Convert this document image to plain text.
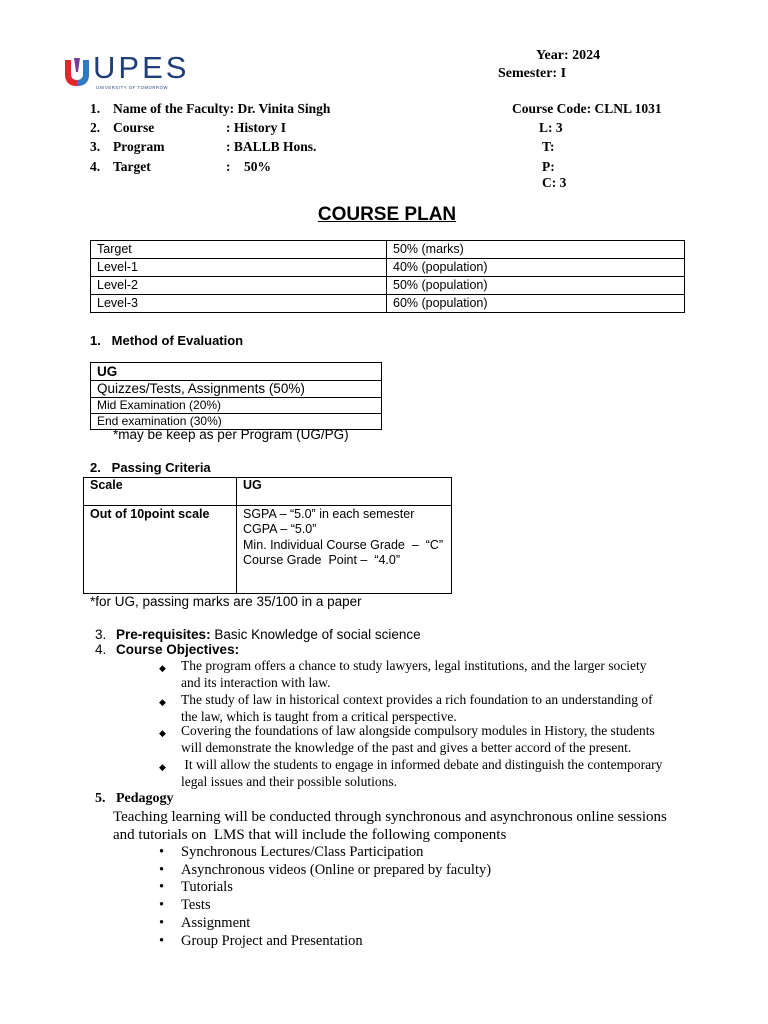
UPES
UNIVERSITY OF TOMORROW
Year: 2024
Semester: I
1. Name of the Faculty: Dr. Vinita Singh
2. Course	: History I
3. Program	: BALLB Hons.
4. Target	:    50%
Course Code: CLNL 1031
L: 3
T:
P:
C: 3
COURSE PLAN
Target	50% (marks)
Level-1	40% (population)
Level-2	50% (population)
Level-3	60% (population)
1.   Method of Evaluation
UG
Quizzes/Tests, Assignments (50%)
Mid Examination (20%)
End examination (30%)
*may be keep as per Program (UG/PG)
2.   Passing Criteria
Scale	UG
Out of 10point scale	SGPA – “5.0” in each semester
CGPA – “5.0”
Min. Individual Course Grade  –  “C”
Course Grade  Point –  “4.0”
*for UG, passing marks are 35/100 in a paper
3. Pre-requisites: Basic Knowledge of social science
4. Course Objectives:
◆ The program offers a chance to study lawyers, legal institutions, and the larger society
and its interaction with law.
◆ The study of law in historical context provides a rich foundation to an understanding of
the law, which is taught from a critical perspective.
◆ Covering the foundations of law alongside compulsory modules in History, the students
will demonstrate the knowledge of the past and gives a better accord of the present.
◆ It will allow the students to engage in informed debate and distinguish the contemporary
legal issues and their possible solutions.
5.   Pedagogy
Teaching learning will be conducted through synchronous and asynchronous online sessions
and tutorials on  LMS that will include the following components
• Synchronous Lectures/Class Participation
• Asynchronous videos (Online or prepared by faculty)
• Tutorials
• Tests
• Assignment
• Group Project and Presentation
